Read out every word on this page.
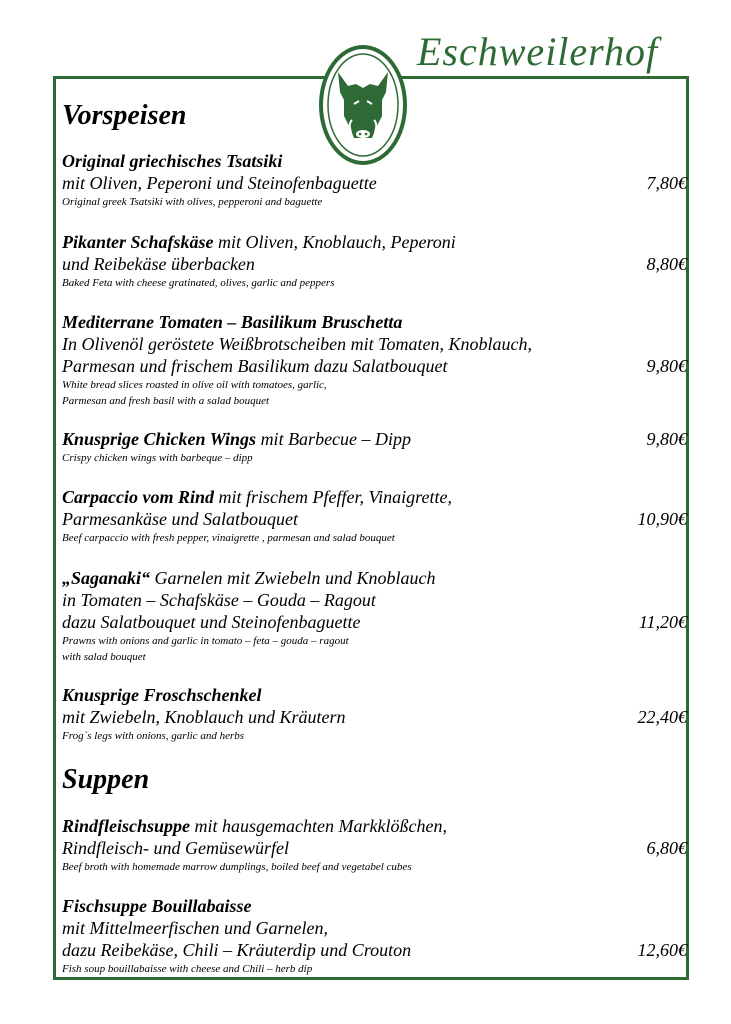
Eschweilerhof
Vorspeisen
Original griechisches Tsatsiki
mit Oliven, Peperoni und Steinofenbaguette
Original greek Tsatsiki with olives, pepperoni and baguette
7,80€
Pikanter Schafskäse mit Oliven, Knoblauch, Peperoni
und Reibekäse überbacken
Baked Feta with cheese gratinated, olives, garlic and peppers
8,80€
Mediterrane Tomaten – Basilikum Bruschetta
In Olivenöl geröstete Weißbrotscheiben mit Tomaten, Knoblauch,
Parmesan und frischem Basilikum dazu Salatbouquet
White bread slices roasted in olive oil with tomatoes, garlic,
Parmesan and fresh basil with a salad bouquet
9,80€
Knusprige Chicken Wings mit Barbecue – Dipp
Crispy chicken wings with barbeque – dipp
9,80€
Carpaccio vom Rind mit frischem Pfeffer, Vinaigrette,
Parmesankäse und Salatbouquet
Beef carpaccio with fresh pepper, vinaigrette , parmesan and salad bouquet
10,90€
„Saganaki“ Garnelen mit Zwiebeln und Knoblauch
in Tomaten – Schafskäse – Gouda – Ragout
dazu Salatbouquet und Steinofenbaguette
Prawns with onions and garlic in tomato – feta – gouda – ragout
with salad bouquet
11,20€
Knusprige Froschschenkel
mit Zwiebeln, Knoblauch und Kräutern
Frog`s legs with onions, garlic and herbs
22,40€
Suppen
Rindfleischsuppe mit hausgemachten Markklößchen,
Rindfleisch- und Gemüsewürfel
Beef broth with homemade marrow dumplings, boiled beef and vegetabel cubes
6,80€
Fischsuppe Bouillabaisse
mit Mittelmeerfischen und Garnelen,
dazu Reibekäse, Chili – Kräuterdip und Crouton
Fish soup bouillabaisse with cheese and Chili – herb dip
12,60€
